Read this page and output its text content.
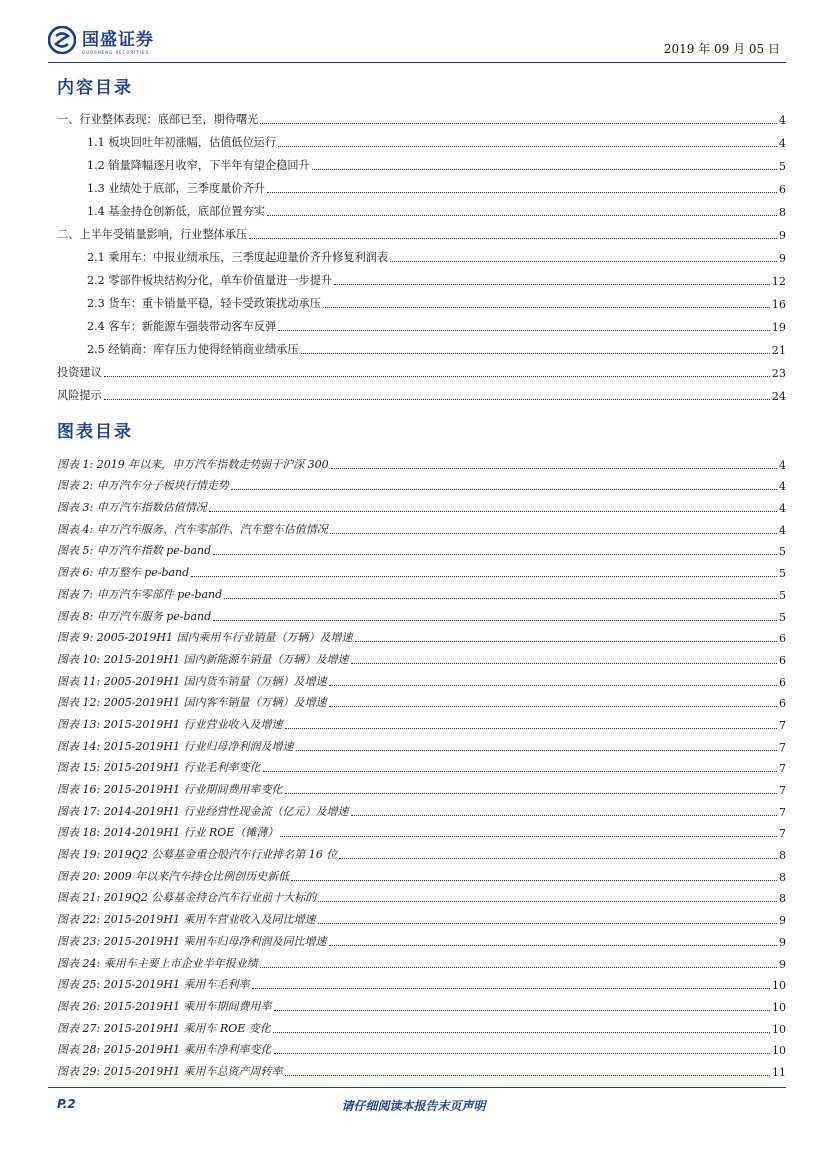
国盛证券
GUOSHENG SECURITIES	2019 年 09 月 05 日
内容目录
一、行业整体表现：底部已至，期待曙光	4
1.1 板块回吐年初涨幅，估值低位运行	4
1.2 销量降幅逐月收窄，下半年有望企稳回升	5
1.3 业绩处于底部，三季度量价齐升	6
1.4 基金持仓创新低，底部位置夯实	8
二、上半年受销量影响，行业整体承压	9
2.1 乘用车：中报业绩承压，三季度起迎量价齐升修复利润表	9
2.2 零部件板块结构分化，单车价值量进一步提升	12
2.3 货车：重卡销量平稳，轻卡受政策扰动承压	16
2.4 客车：新能源车强装带动客车反弹	19
2.5 经销商：库存压力使得经销商业绩承压	21
投资建议	23
风险提示	24
图表目录
图表 1: 2019 年以来，申万汽车指数走势弱于沪深 300	4
图表 2: 申万汽车分子板块行情走势	4
图表 3: 申万汽车指数估值情况	4
图表 4: 申万汽车服务、汽车零部件、汽车整车估值情况	4
图表 5: 申万汽车指数 pe-band	5
图表 6: 申万整车 pe-band	5
图表 7: 申万汽车零部件 pe-band	5
图表 8: 申万汽车服务 pe-band	5
图表 9: 2005-2019H1 国内乘用车行业销量（万辆）及增速	6
图表 10: 2015-2019H1 国内新能源车销量（万辆）及增速	6
图表 11: 2005-2019H1 国内货车销量（万辆）及增速	6
图表 12: 2005-2019H1 国内客车销量（万辆）及增速	6
图表 13: 2015-2019H1 行业营业收入及增速	7
图表 14: 2015-2019H1 行业归母净利润及增速	7
图表 15: 2015-2019H1 行业毛利率变化	7
图表 16: 2015-2019H1 行业期间费用率变化	7
图表 17: 2014-2019H1 行业经营性现金流（亿元）及增速	7
图表 18: 2014-2019H1 行业 ROE（摊薄）	7
图表 19: 2019Q2 公募基金重仓股汽车行业排名第 16 位	8
图表 20: 2009 年以来汽车持仓比例创历史新低	8
图表 21: 2019Q2 公募基金持仓汽车行业前十大标的	8
图表 22: 2015-2019H1 乘用车营业收入及同比增速	9
图表 23: 2015-2019H1 乘用车归母净利润及同比增速	9
图表 24: 乘用车主要上市企业半年报业绩	9
图表 25: 2015-2019H1 乘用车毛利率	10
图表 26: 2015-2019H1 乘用车期间费用率	10
图表 27: 2015-2019H1 乘用车 ROE 变化	10
图表 28: 2015-2019H1 乘用车净利率变化	10
图表 29: 2015-2019H1 乘用车总资产周转率	11
请仔细阅读本报告末页声明
P.2
